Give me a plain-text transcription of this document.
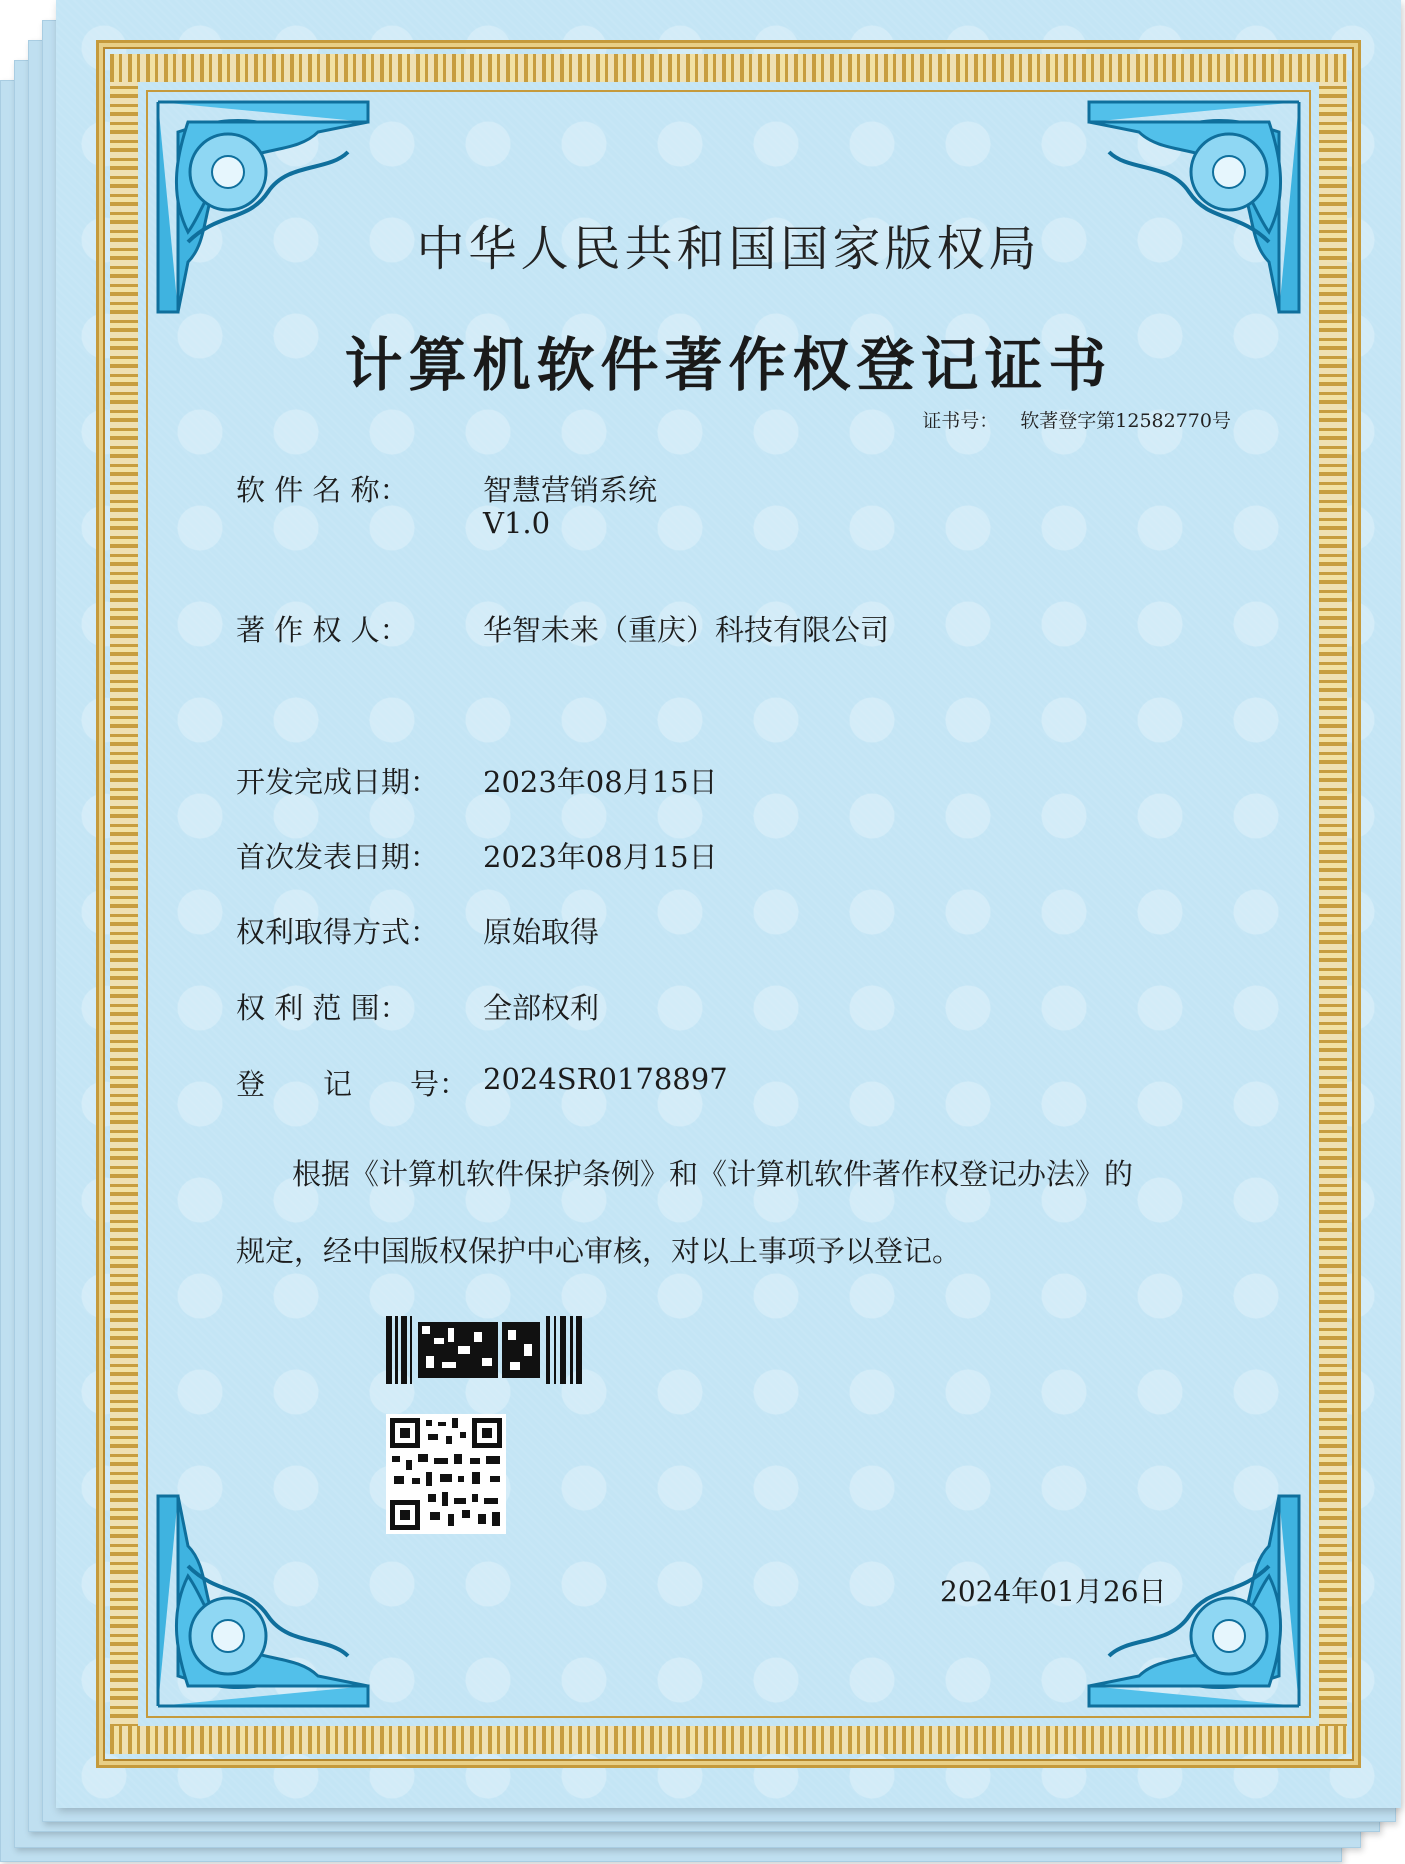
中华人民共和国国家版权局
计算机软件著作权登记证书
证书号： 软著登字第12582770号
软 件 名 称：	智慧营销系统
V1.0
著 作 权 人：	华智未来（重庆）科技有限公司
开发完成日期：	2023年08月15日
首次发表日期：	2023年08月15日
权利取得方式：	原始取得
权 利 范 围：	全部权利
登　　记　　号： 2024SR0178897
根据《计算机软件保护条例》和《计算机软件著作权登记办法》的
规定，经中国版权保护中心审核，对以上事项予以登记。
2024年01月26日
